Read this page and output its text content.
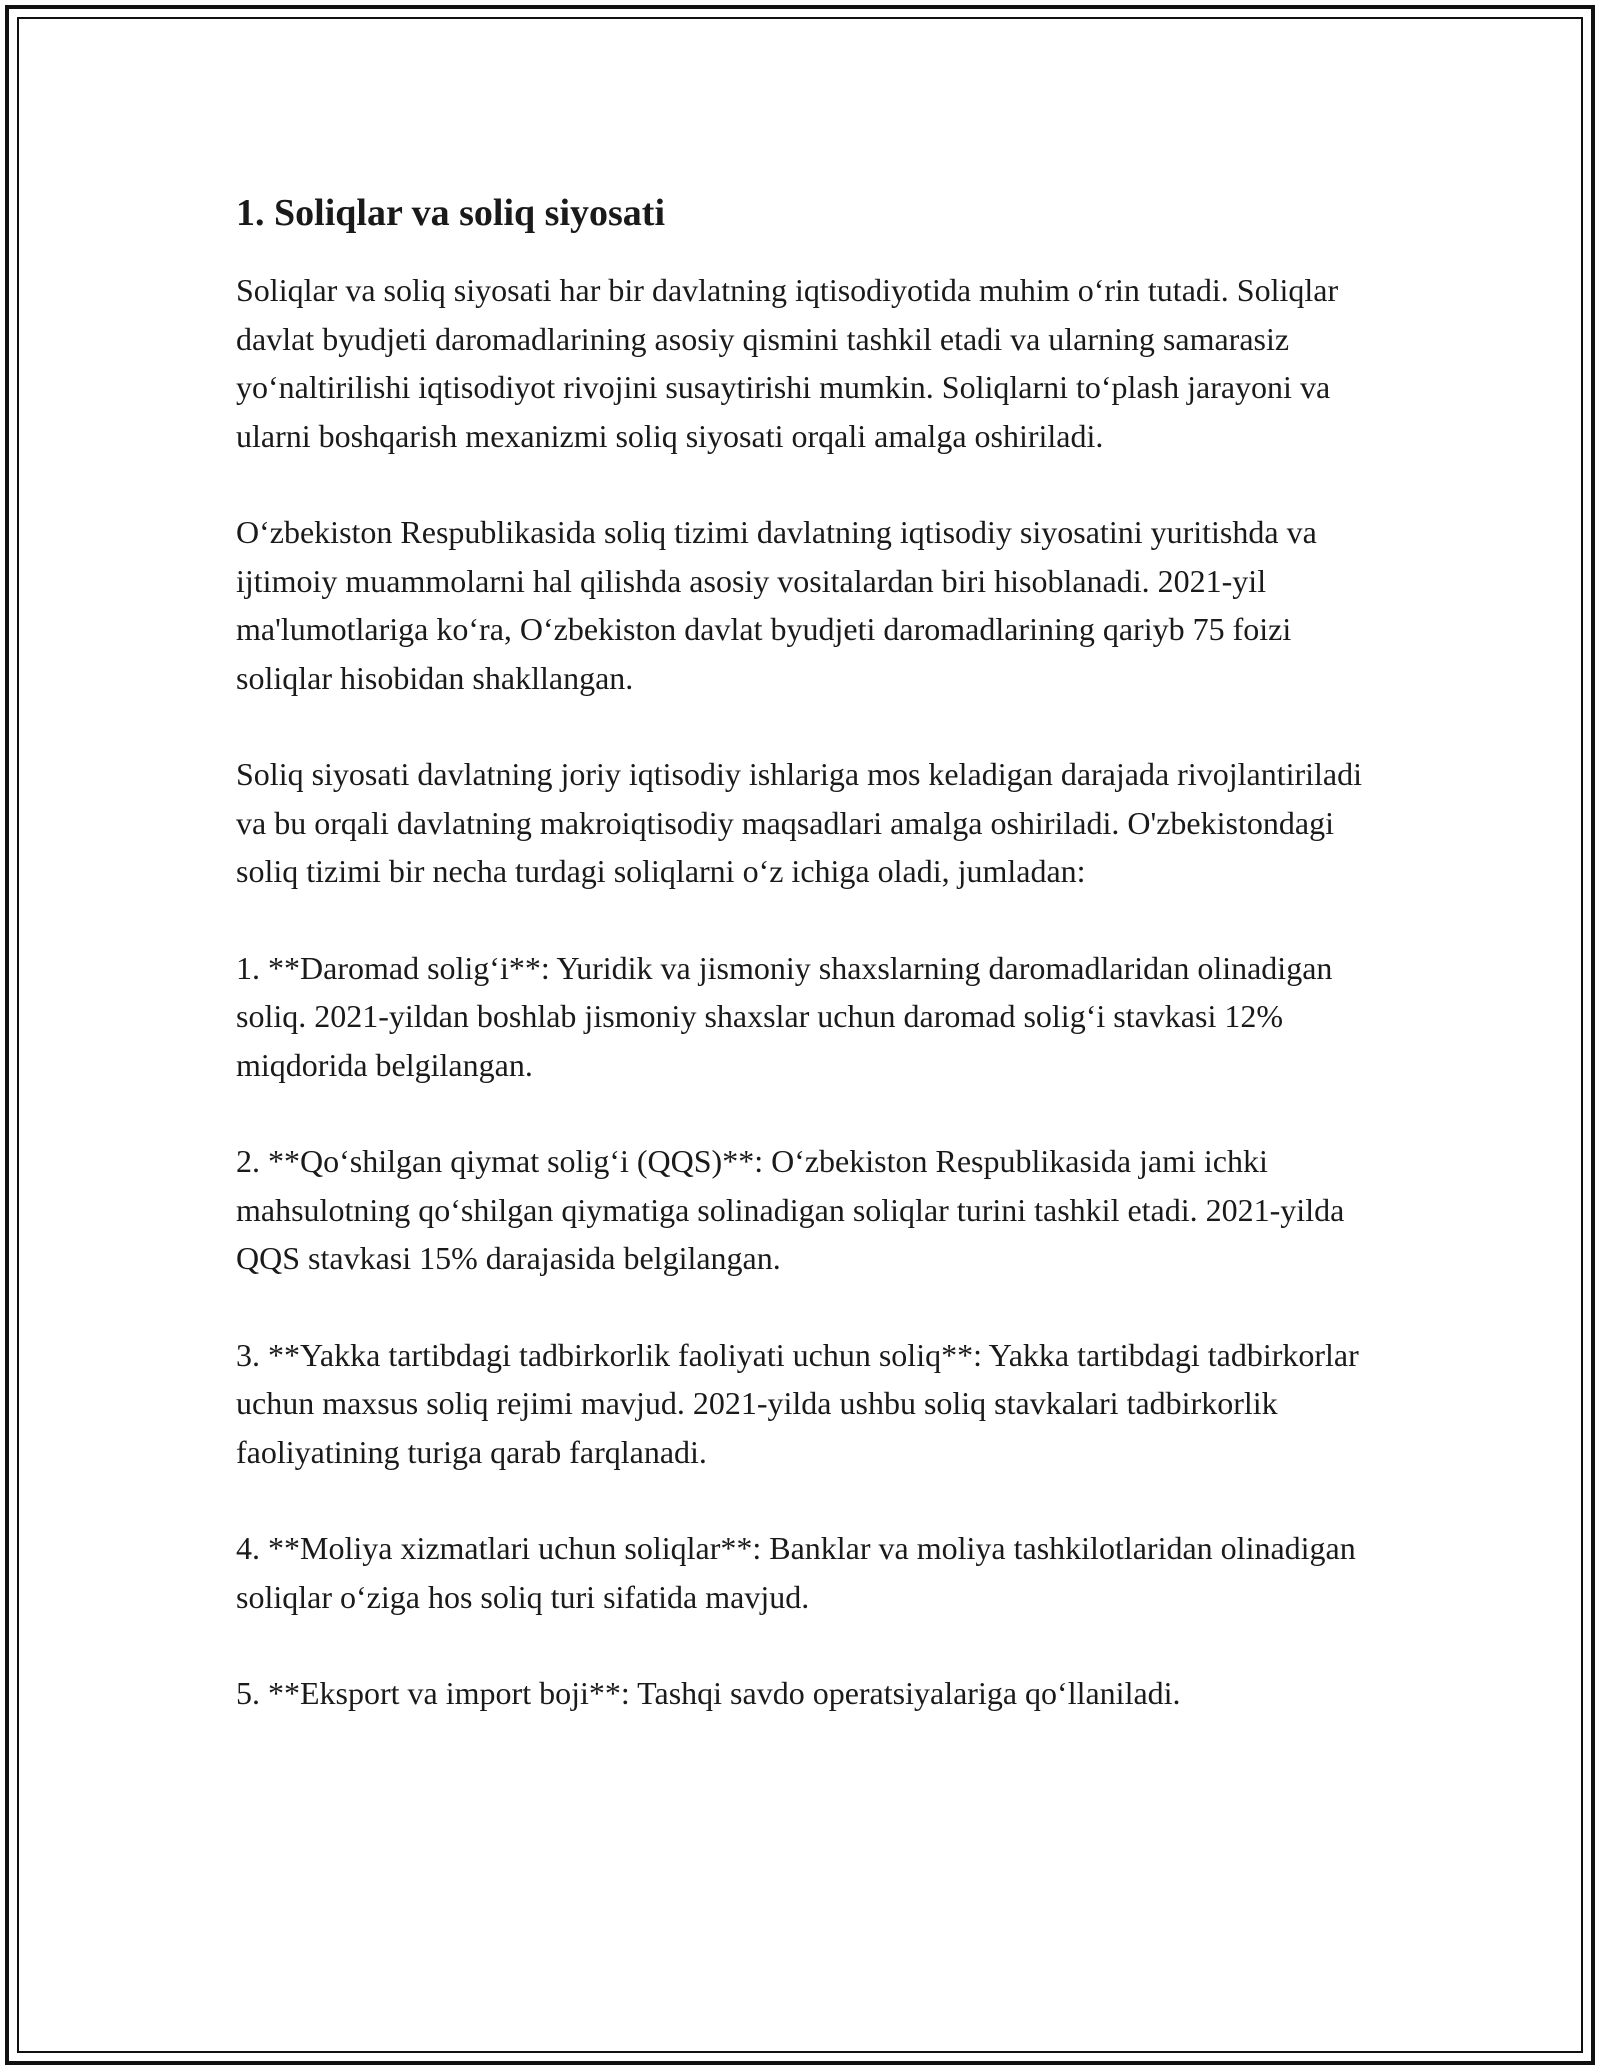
1. Soliqlar va soliq siyosati

Soliqlar va soliq siyosati har bir davlatning iqtisodiyotida muhim o‘rin tutadi. Soliqlar davlat byudjeti daromadlarining asosiy qismini tashkil etadi va ularning samarasiz yo‘naltirilishi iqtisodiyot rivojini susaytirishi mumkin. Soliqlarni to‘plash jarayoni va ularni boshqarish mexanizmi soliq siyosati orqali amalga oshiriladi.

O‘zbekiston Respublikasida soliq tizimi davlatning iqtisodiy siyosatini yuritishda va ijtimoiy muammolarni hal qilishda asosiy vositalardan biri hisoblanadi. 2021-yil ma'lumotlariga ko‘ra, O‘zbekiston davlat byudjeti daromadlarining qariyb 75 foizi soliqlar hisobidan shakllangan.

Soliq siyosati davlatning joriy iqtisodiy ishlariga mos keladigan darajada rivojlantiriladi va bu orqali davlatning makroiqtisodiy maqsadlari amalga oshiriladi. O'zbekistondagi soliq tizimi bir necha turdagi soliqlarni o‘z ichiga oladi, jumladan:

1. **Daromad solig‘i**: Yuridik va jismoniy shaxslarning daromadlaridan olinadigan soliq. 2021-yildan boshlab jismoniy shaxslar uchun daromad solig‘i stavkasi 12% miqdorida belgilangan.

2. **Qo‘shilgan qiymat solig‘i (QQS)**: O‘zbekiston Respublikasida jami ichki mahsulotning qo‘shilgan qiymatiga solinadigan soliqlar turini tashkil etadi. 2021-yilda QQS stavkasi 15% darajasida belgilangan.

3. **Yakka tartibdagi tadbirkorlik faoliyati uchun soliq**: Yakka tartibdagi tadbirkorlar uchun maxsus soliq rejimi mavjud. 2021-yilda ushbu soliq stavkalari tadbirkorlik faoliyatining turiga qarab farqlanadi.

4. **Moliya xizmatlari uchun soliqlar**: Banklar va moliya tashkilotlaridan olinadigan soliqlar o‘ziga hos soliq turi sifatida mavjud.

5. **Eksport va import boji**: Tashqi savdo operatsiyalariga qo‘llaniladi.
